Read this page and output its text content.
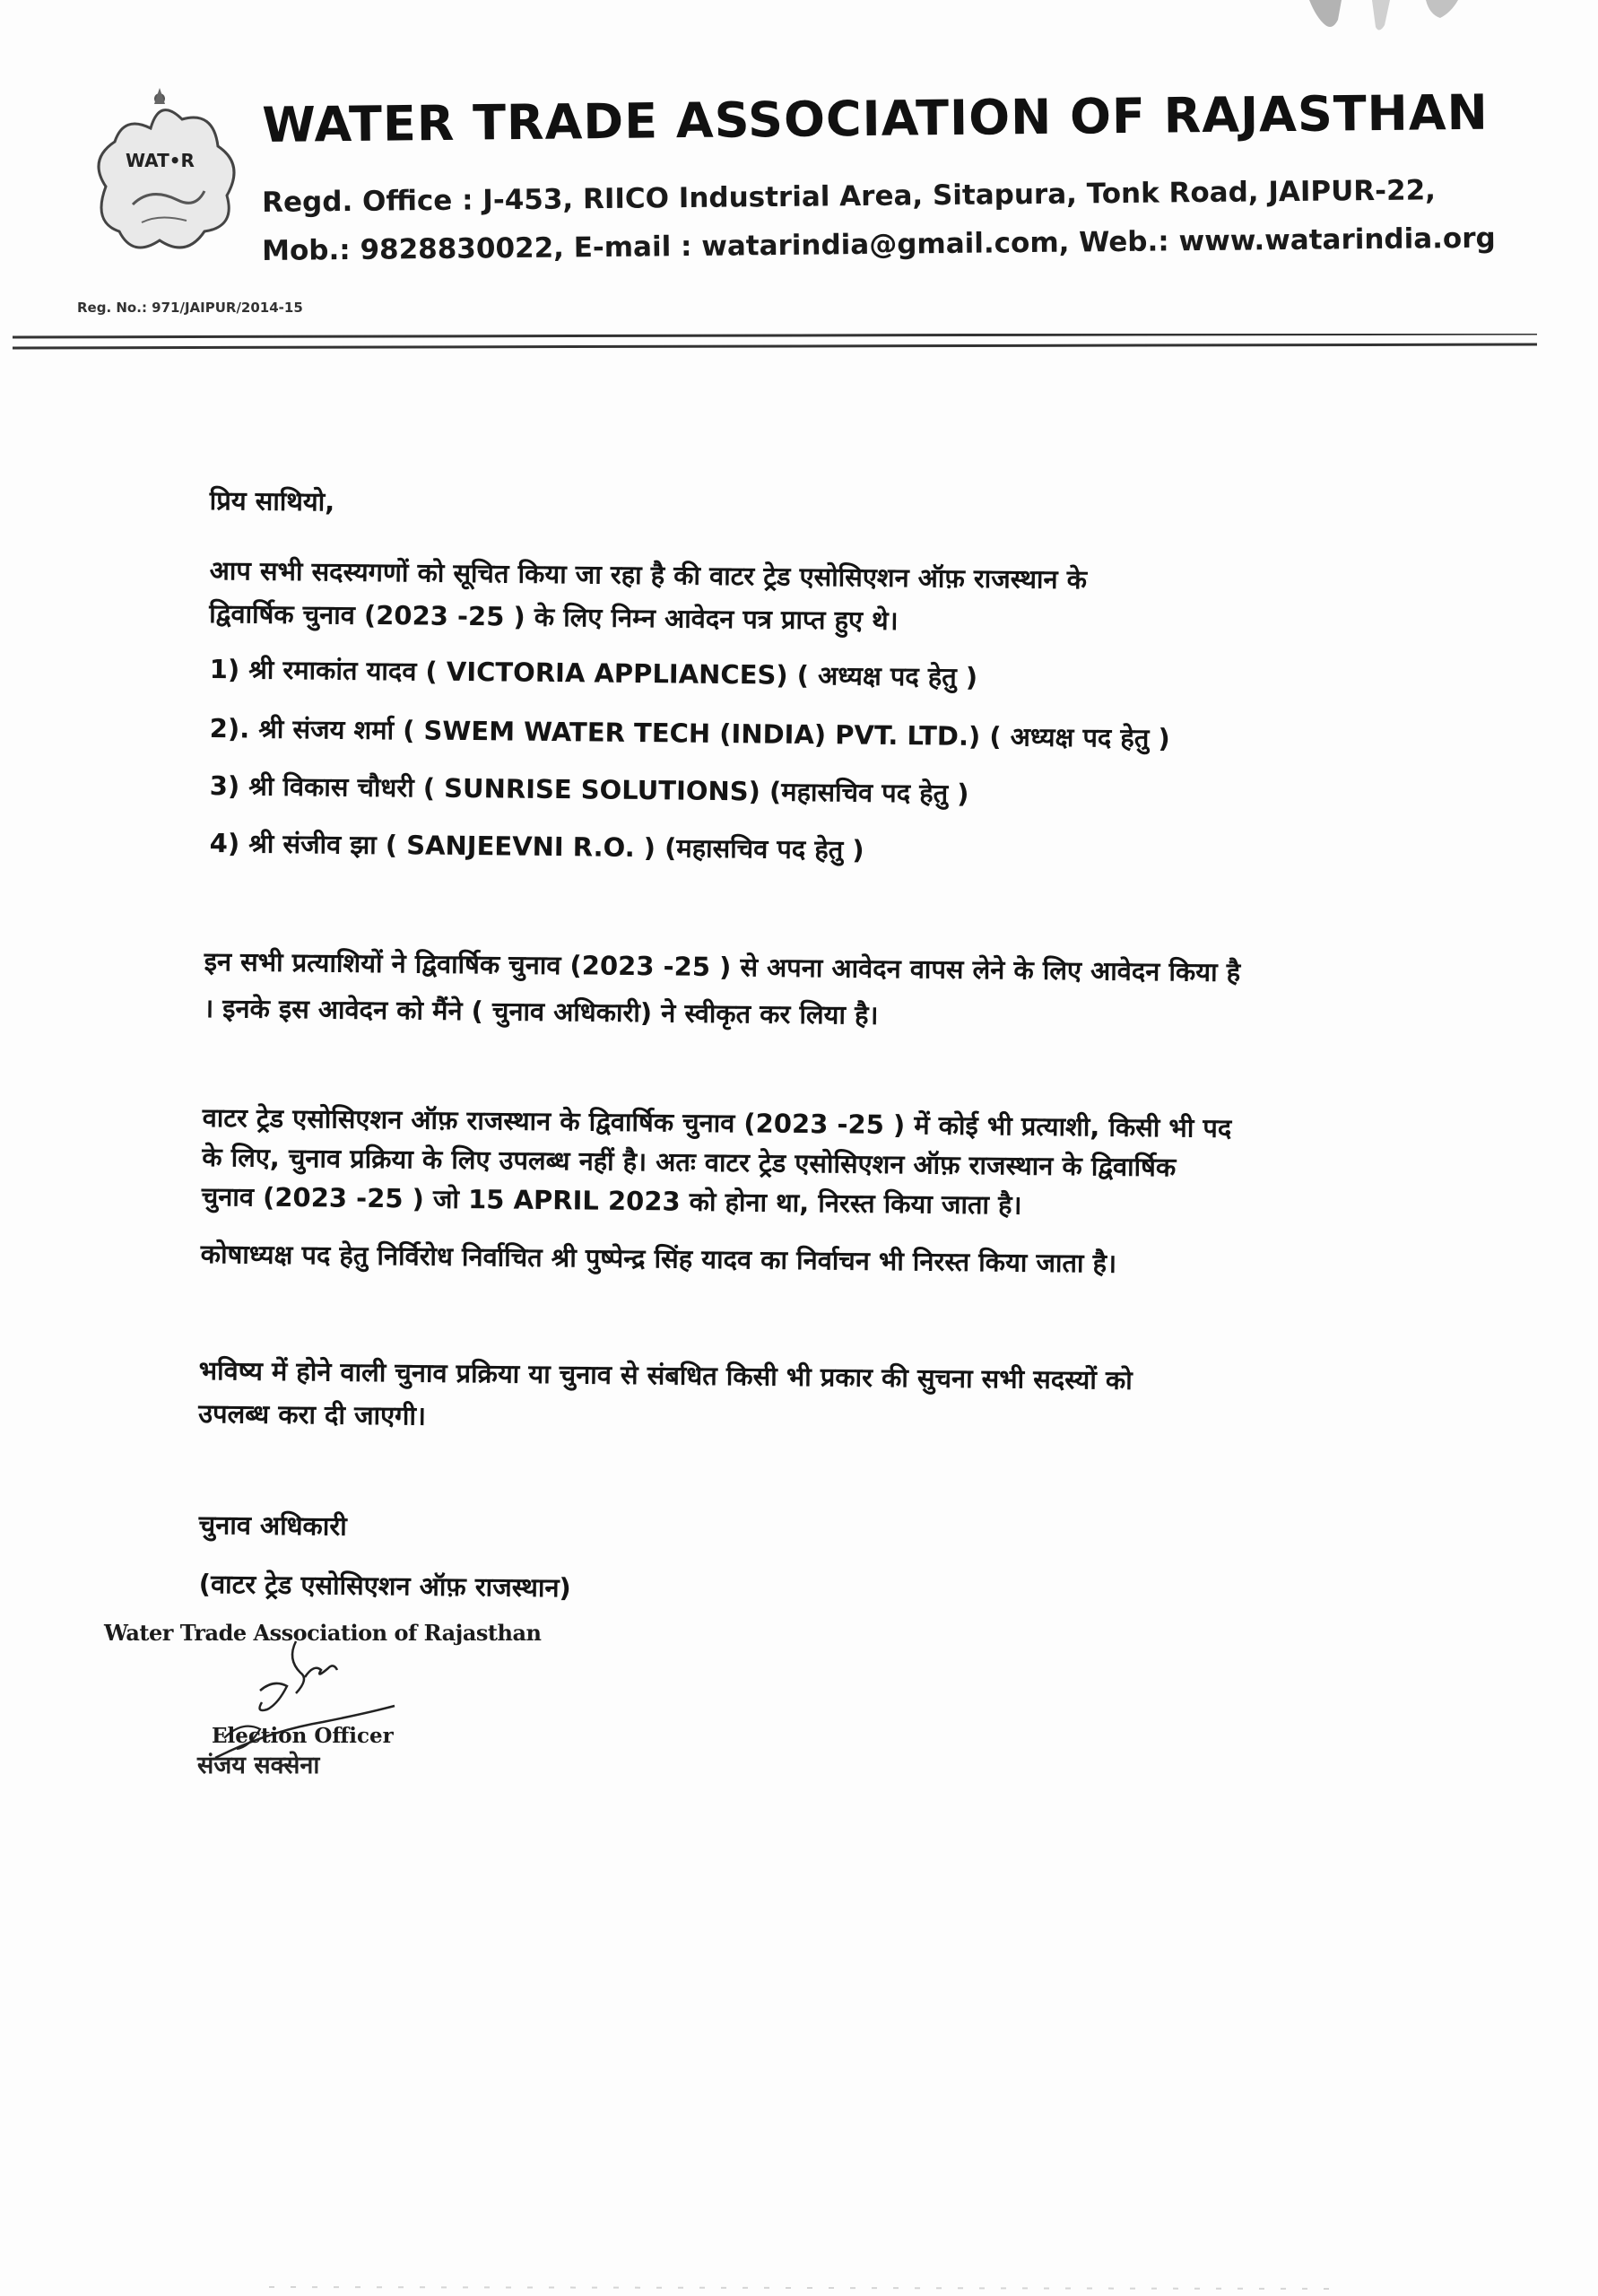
WAT•R
WATER TRADE ASSOCIATION OF RAJASTHAN
Regd. Office : J-453, RIICO Industrial Area, Sitapura, Tonk Road, JAIPUR-22,
Mob.: 9828830022, E-mail : watarindia@gmail.com, Web.: www.watarindia.org
Reg. No.: 971/JAIPUR/2014-15
प्रिय साथियो,
आप सभी सदस्यगणों को सूचित किया जा रहा है की वाटर ट्रेड एसोसिएशन ऑफ़ राजस्थान के
द्विवार्षिक चुनाव (2023 -25 ) के लिए निम्न आवेदन पत्र प्राप्त हुए थे।
1) श्री रमाकांत यादव ( VICTORIA APPLIANCES) ( अध्यक्ष पद हेतु )
2). श्री संजय शर्मा ( SWEM WATER TECH (INDIA) PVT. LTD.) ( अध्यक्ष पद हेतु )
3) श्री विकास चौधरी ( SUNRISE SOLUTIONS) (महासचिव पद हेतु )
4) श्री संजीव झा ( SANJEEVNI R.O. ) (महासचिव पद हेतु )
इन सभी प्रत्याशियों ने द्विवार्षिक चुनाव (2023 -25 ) से अपना आवेदन वापस लेने के लिए आवेदन किया है
। इनके इस आवेदन को मैंने ( चुनाव अधिकारी) ने स्वीकृत कर लिया है।
वाटर ट्रेड एसोसिएशन ऑफ़ राजस्थान के द्विवार्षिक चुनाव (2023 -25 ) में कोई भी प्रत्याशी, किसी भी पद
के लिए, चुनाव प्रक्रिया के लिए उपलब्ध नहीं है। अतः वाटर ट्रेड एसोसिएशन ऑफ़ राजस्थान के द्विवार्षिक
चुनाव (2023 -25 ) जो 15 APRIL 2023 को होना था, निरस्त किया जाता है।
कोषाध्यक्ष पद हेतु निर्विरोध निर्वाचित श्री पुष्पेन्द्र सिंह यादव का निर्वाचन भी निरस्त किया जाता है।
भविष्य में होने वाली चुनाव प्रक्रिया या चुनाव से संबधित किसी भी प्रकार की सुचना सभी सदस्यों को
उपलब्ध करा दी जाएगी।
चुनाव अधिकारी
(वाटर ट्रेड एसोसिएशन ऑफ़ राजस्थान)
Water Trade Association of Rajasthan
Election Officer
संजय सक्सेना
